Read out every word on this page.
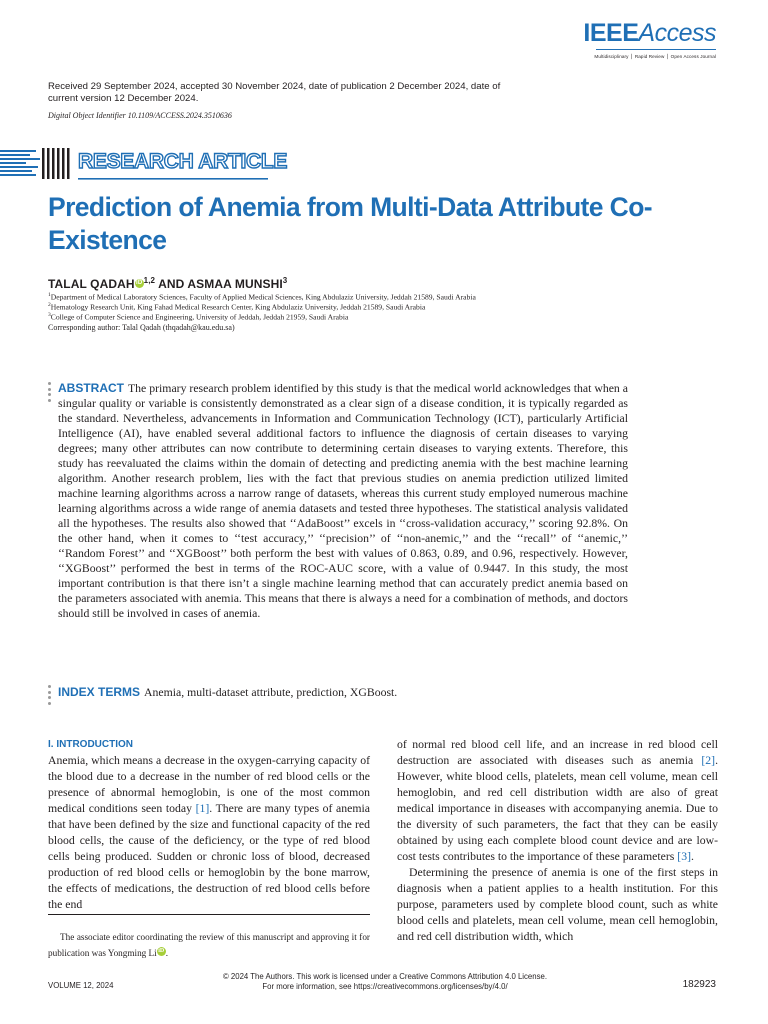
IEEEAccess
Multidisciplinary ⎪ Rapid Review ⎪ Open Access Journal
Received 29 September 2024, accepted 30 November 2024, date of publication 2 December 2024, date of current version 12 December 2024.
Digital Object Identifier 10.1109/ACCESS.2024.3510636
RESEARCH ARTICLE
Prediction of Anemia from Multi-Data Attribute Co-Existence
TALAL QADAHiD$^{1,2}$ AND ASMAA MUNSHI$^3$
$^1$Department of Medical Laboratory Sciences, Faculty of Applied Medical Sciences, King Abdulaziz University, Jeddah 21589, Saudi Arabia
$^2$Hematology Research Unit, King Fahad Medical Research Center, King Abdulaziz University, Jeddah 21589, Saudi Arabia
$^3$College of Computer Science and Engineering, University of Jeddah, Jeddah 21959, Saudi Arabia
Corresponding author: Talal Qadah (thqadah@kau.edu.sa)
ABSTRACT The primary research problem identified by this study is that the medical world acknowledges that when a singular quality or variable is consistently demonstrated as a clear sign of a disease condition, it is typically regarded as the standard. Nevertheless, advancements in Information and Communication Technology (ICT), particularly Artificial Intelligence (AI), have enabled several additional factors to influence the diagnosis of certain diseases to varying degrees; many other attributes can now contribute to determining certain diseases to varying extents. Therefore, this study has reevaluated the claims within the domain of detecting and predicting anemia with the best machine learning algorithm. Another research problem, lies with the fact that previous studies on anemia prediction utilized limited machine learning algorithms across a narrow range of datasets, whereas this current study employed numerous machine learning algorithms across a wide range of anemia datasets and tested three hypotheses. The statistical analysis validated all the hypotheses. The results also showed that ‘‘AdaBoost’’ excels in ‘‘cross-validation accuracy,’’ scoring 92.8%. On the other hand, when it comes to ‘‘test accuracy,’’ ‘‘precision’’ of ‘‘non-anemic,’’ and the ‘‘recall’’ of ‘‘anemic,’’ ‘‘Random Forest’’ and ‘‘XGBoost’’ both perform the best with values of 0.863, 0.89, and 0.96, respectively. However, ‘‘XGBoost’’ performed the best in terms of the ROC-AUC score, with a value of 0.9447. In this study, the most important contribution is that there isn’t a single machine learning method that can accurately predict anemia based on the parameters associated with anemia. This means that there is always a need for a combination of methods, and doctors should still be involved in cases of anemia.
INDEX TERMS Anemia, multi-dataset attribute, prediction, XGBoost.
I. INTRODUCTION
Anemia, which means a decrease in the oxygen-carrying capacity of the blood due to a decrease in the number of red blood cells or the presence of abnormal hemoglobin, is one of the most common medical conditions seen today [1]. There are many types of anemia that have been defined by the size and functional capacity of the red blood cells, the cause of the deficiency, or the type of red blood cells being produced. Sudden or chronic loss of blood, decreased production of red blood cells or hemoglobin by the bone marrow, the effects of medications, the destruction of red blood cells before the end
of normal red blood cell life, and an increase in red blood cell destruction are associated with diseases such as anemia [2]. However, white blood cells, platelets, mean cell volume, mean cell hemoglobin, and red cell distribution width are also of great medical importance in diseases with accompanying anemia. Due to the diversity of such parameters, the fact that they can be easily obtained by using each complete blood count device and are low-cost tests contributes to the importance of these parameters [3].
Determining the presence of anemia is one of the first steps in diagnosis when a patient applies to a health institution. For this purpose, parameters used by complete blood count, such as white blood cells and platelets, mean cell volume, mean cell hemoglobin, and red cell distribution width, which
The associate editor coordinating the review of this manuscript and approving it for publication was Yongming Li iD .
© 2024 The Authors. This work is licensed under a Creative Commons Attribution 4.0 License.
For more information, see https://creativecommons.org/licenses/by/4.0/
VOLUME 12, 2024	182923
